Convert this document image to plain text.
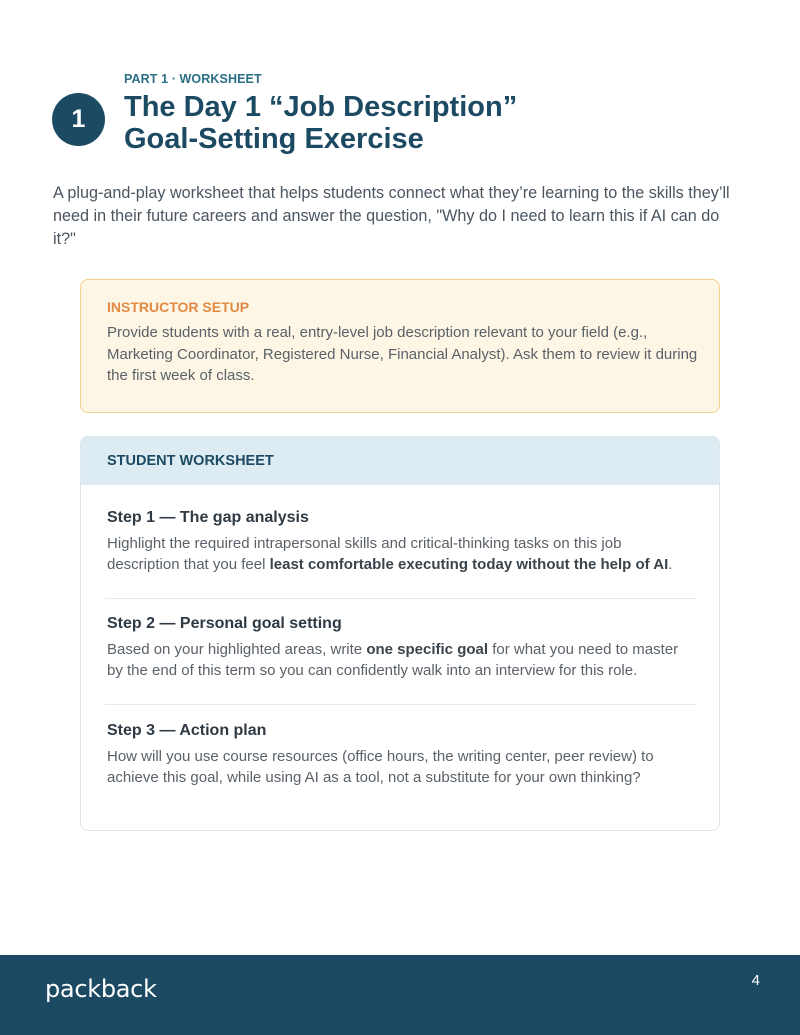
PART 1 · WORKSHEET
1	The Day 1 “Job Description”
Goal-Setting Exercise

A plug-and-play worksheet that helps students connect what they’re learning to the skills they’ll need in their future careers and answer the question, "Why do I need to learn this if AI can do it?"

INSTRUCTOR SETUP
Provide students with a real, entry-level job description relevant to your field (e.g., Marketing Coordinator, Registered Nurse, Financial Analyst). Ask them to review it during the first week of class.
STUDENT WORKSHEET
Step 1 — The gap analysis
Highlight the required intrapersonal skills and critical-thinking tasks on this job description that you feel least comfortable executing today without the help of AI.
Step 2 — Personal goal setting
Based on your highlighted areas, write one specific goal for what you need to master by the end of this term so you can confidently walk into an interview for this role.
Step 3 — Action plan
How will you use course resources (office hours, the writing center, peer review) to achieve this goal, while using AI as a tool, not a substitute for your own thinking?
packback	4
